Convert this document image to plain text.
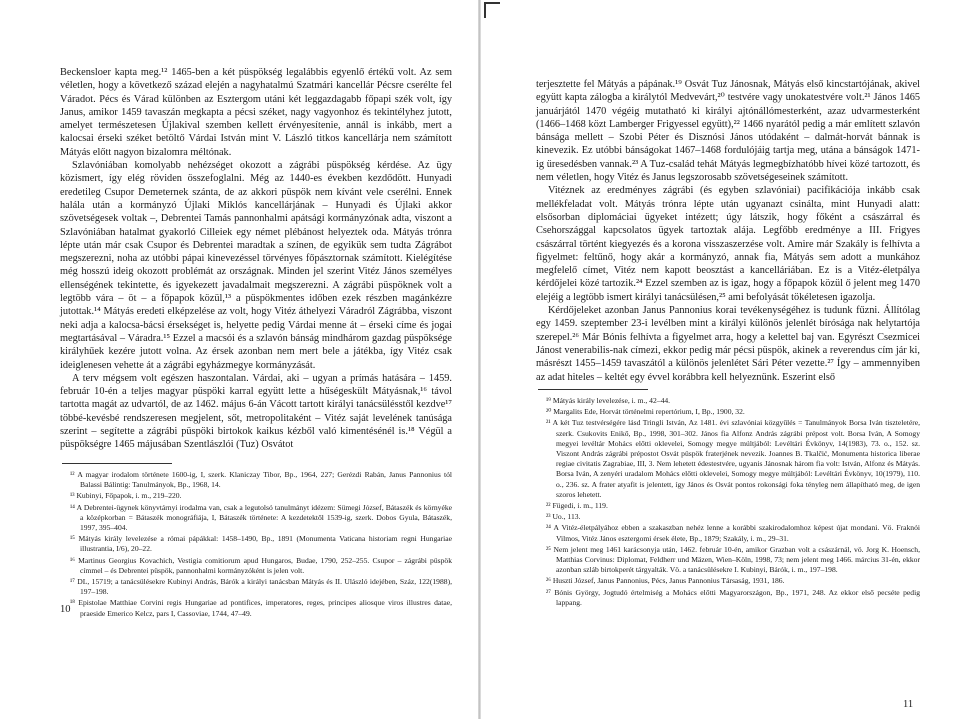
Beckensloer kapta meg.¹² 1465-ben a két püspökség legalábbis egyenlő értékű volt. Az sem véletlen, hogy a következő század elején a nagyhatalmú Szatmári kancellár Pécsre cserélte fel Váradot. Pécs és Várad különben az Esztergom utáni két leggazdagabb főpapi szék volt, így Janus, amikor 1459 tavaszán megkapta a pécsi széket, nagy vagyonhoz és tekintélyhez jutott, amelyet természetesen Újlakival szemben kellett érvényesítenie, annál is inkább, mert a kalocsai érseki széket betöltő Várdai István mint V. László titkos kancellárja nem számított Mátyás előtt nagyon bizalomra méltónak.

Szlavóniában komolyabb nehézséget okozott a zágrábi püspökség kérdése. Az ügy közismert, így elég röviden összefoglalni. Még az 1440-es években kezdődött. Hunyadi eredetileg Csupor Demeternek szánta, de az akkori püspök nem kívánt vele cserélni. Ennek halála után a kormányzó Újlaki Miklós kancellárjának – Hunyadi és Újlaki akkor szövetségesek voltak –, Debrentei Tamás pannonhalmi apátsági kormányzónak adta, viszont a Szlavóniában hatalmat gyakorló Cilleiek egy német plébánost helyeztek oda. Mátyás trónra lépte után már csak Csupor és Debrentei maradtak a színen, de egyikük sem tudta Zágrábot megszerezni, noha az utóbbi pápai kinevezéssel törvényes főpásztornak számított. Kielégítése még hosszú ideig okozott problémát az országnak. Minden jel szerint Vitéz János személyes ellenségének tekintette, és igyekezett javadalmait megszerezni. A zágrábi püspöknek volt a legtöbb vára – öt – a főpapok közül,¹³ a püspökmentes időben ezek részben magánkézre jutottak.¹⁴ Mátyás eredeti elképzelése az volt, hogy Vitéz áthelyezi Váradról Zágrábba, viszont neki adja a kalocsa-bácsi érsekséget is, helyette pedig Várdai menne át – érseki címe és jogai megtartásával – Váradra.¹⁵ Ezzel a macsói és a szlavón bánság mindhárom gazdag püspöksége királyhűek kezére jutott volna. Az érsek azonban nem mert bele a játékba, így Vitéz csak ideiglenesen vehette át a zágrábi egyházmegye kormányzását.

A terv mégsem volt egészen haszontalan. Várdai, aki – ugyan a prímás hatására – 1459. február 10-én a teljes magyar püspöki karral együtt lette a hűségeskült Mátyásnak,¹⁶ távol tartotta magát az udvartól, de az 1462. május 6-án Vácott tartott királyi tanácsülésstől kezdve¹⁷ többé-kevésbé rendszeresen megjelent, sőt, metropolitaként – Vitéz saját levelének tanúsága szerint – segítette a zágrábi püspöki birtokok kaikus kézből való kimentésénél is.¹⁸ Végül a püspökségre 1465 májusában Szentlászlói (Tuz) Osvátot

¹² A magyar irodalom története 1600-ig, I, szerk. Klaniczay Tibor, Bp., 1964, 227; Gerézdi Rabán, Janus Pannonius tól Balassi Bálintig: Tanulmányok, Bp., 1968, 14.

¹³ Kubinyi, Főpapok, i. m., 219–220.

¹⁴ A Debrentei-ügynek könyvtárnyi irodalma van, csak a legutolsó tanulmányt idézem: Sümegi József, Bátaszék és környéke a középkorban = Bátaszék monográfiája, I, Bátaszék története: A kezdetektől 1539-ig, szerk. Dobos Gyula, Bátaszék, 1997, 395–404.

¹⁵ Mátyás király levelezése a római pápákkal: 1458–1490, Bp., 1891 (Monumenta Vaticana historiam regni Hungariae illustrantia, I/6), 20–22.

¹⁶ Martinus Georgius Kovachich, Vestigia comitiorum apud Hungaros, Budae, 1790, 252–255. Csupor – zágrábi püspök címmel – és Debrentei püspök, pannonhalmi kormányzóként is jelen volt.

¹⁷ DL, 15719; a tanácsülésekre Kubinyi András, Bárók a királyi tanácsban Mátyás és II. Ulászló idejében, Száz, 122(1988), 197–198.

¹⁸ Epistolae Matthiae Corvini regis Hungariae ad pontifices, imperatores, reges, principes aliosque viros illustres datae, praeside Emerico Kelcz, pars I, Cassoviae, 1744, 47–49.

10

terjesztette fel Mátyás a pápának.¹⁹ Osvát Tuz Jánosnak, Mátyás első kincstartójának, akivel együtt kapta zálogba a királytól Medvevárt,²⁰ testvére vagy unokatestvére volt.²¹ János 1465 januárjától 1470 végéig mutatható ki királyi ajtónállómesterként, azaz udvarmesterként (1466–1468 közt Lamberger Frigyessel együtt),²² 1466 nyarától pedig a már említett szlavón bánsága mellett – Szobi Péter és Disznósi János utódaként – dalmát-horvát bánnak is kinevezik. Ez utóbbi bánságokat 1467–1468 fordulójáig tartja meg, utána a bánságok 1471-ig üresedésben vannak.²³ A Tuz-család tehát Mátyás legmegbízhatóbb hívei közé tartozott, és nem véletlen, hogy Vitéz és Janus legszorosabb szövetségeseinek számított.

Vitéznek az eredményes zágrábi (és egyben szlavóniai) pacifikációja inkább csak mellékfeladat volt. Mátyás trónra lépte után ugyanazt csinálta, mint Hunyadi alatt: elsősorban diplomáciai ügyeket intézett; úgy látszik, hogy főként a császárral és Csehországgal kapcsolatos ügyek tartoztak alája. Legfőbb eredménye a III. Frigyes császárral történt kiegyezés és a korona visszaszerzése volt. Amire már Szakály is felhívta a figyelmet: feltűnő, hogy akár a kormányzó, annak fia, Mátyás sem adott a munkához megfelelő címet, Vitéz nem kapott beosztást a kancelláriában. Ez is a Vitéz-életpálya kérdőjelei közé tartozik.²⁴ Ezzel szemben az is igaz, hogy a főpapok közül ő jelent meg 1470 elejéig a legtöbb ismert királyi tanácsülésen,²⁵ ami befolyását tökéletesen igazolja.

Kérdőjeleket azonban Janus Pannonius korai tevékenységéhez is tudunk fűzni. Állítólag egy 1459. szeptember 23-i levélben mint a királyi különös jelenlét bírósága nak helytartója szerepel.²⁶ Már Bónis felhívta a figyelmet arra, hogy a kelettel baj van. Egyrészt Csezmicei Jánost venerabilis-nak címezi, ekkor pedig már pécsi püspök, akinek a reverendus cím jár ki, másrészt 1455–1459 tavaszától a különös jelenlétet Sári Péter vezette.²⁷ Így – ammennyiben az adat hiteles – keltét egy évvel korábbra kell helyeznünk. Eszerint első

¹⁹ Mátyás király levelezése, i. m., 42–44.

²⁰ Margalits Ede, Horvát történelmi repertórium, I, Bp., 1900, 32.

²¹ A két Tuz testvérségére lásd Tringli István, Az 1481. évi szlavóniai közgyűlés = Tanulmányok Borsa Iván tiszteletére, szerk. Csukovits Enikő, Bp., 1998, 301–302. János fia Alfonz András zágrábi prépost volt. Borsa Iván, A Somogy megyei levéltár Mohács előtti oklevelei, Somogy megye múltjából: Levéltári Évkönyv, 14(1983), 73. o., 152. sz. Viszont András zágrábi prépostot Osvát püspök fraterjének nevezik. Joannes B. Tkalčić, Monumenta historica liberae regiae civitatis Zagrabiae, III, 3. Nem lehetett édestestvére, ugyanis Jánosnak három fia volt: István, Alfonz és Mátyás. Borsa Iván, A zenyéri uradalom Mohács előtti oklevelei, Somogy megye múltjából: Levéltári Évkönyv, 10(1979), 110. o., 236. sz. A frater atyafit is jelentett, így János és Osvát pontos rokonsági foka tényleg nem állapítható meg, de igen szoros lehetett.

²² Fügedi, i. m., 119.

²³ Uo., 113.

²⁴ A Vitéz-életpályához ebben a szakaszban nehéz lenne a korábbi szakirodalomhoz képest újat mondani. Vö. Fraknói Vilmos, Vitéz János esztergomi érsek élete, Bp., 1879; Szakály, i. m., 29–31.

²⁵ Nem jelent meg 1461 karácsonyja után, 1462. február 10-én, amikor Grazban volt a császárnál, vö. Jorg K. Hoensch, Matthias Corvinus: Diplomat, Feldherr und Mäzen, Wien–Köln, 1998, 73; nem jelent meg 1466. március 31-én, ekkor azonban szláb birtokperét tárgyalták. Vö. a tanácsülésekre I. Kubinyi, Bárók, i. m., 197–198.

²⁶ Huszti József, Janus Pannonius, Pécs, Janus Pannonius Társaság, 1931, 186.

²⁷ Bónis György, Jogtudó értelmiség a Mohács előtti Magyarországon, Bp., 1971, 248. Az ekkor első pecséte pedig lappang.

11
